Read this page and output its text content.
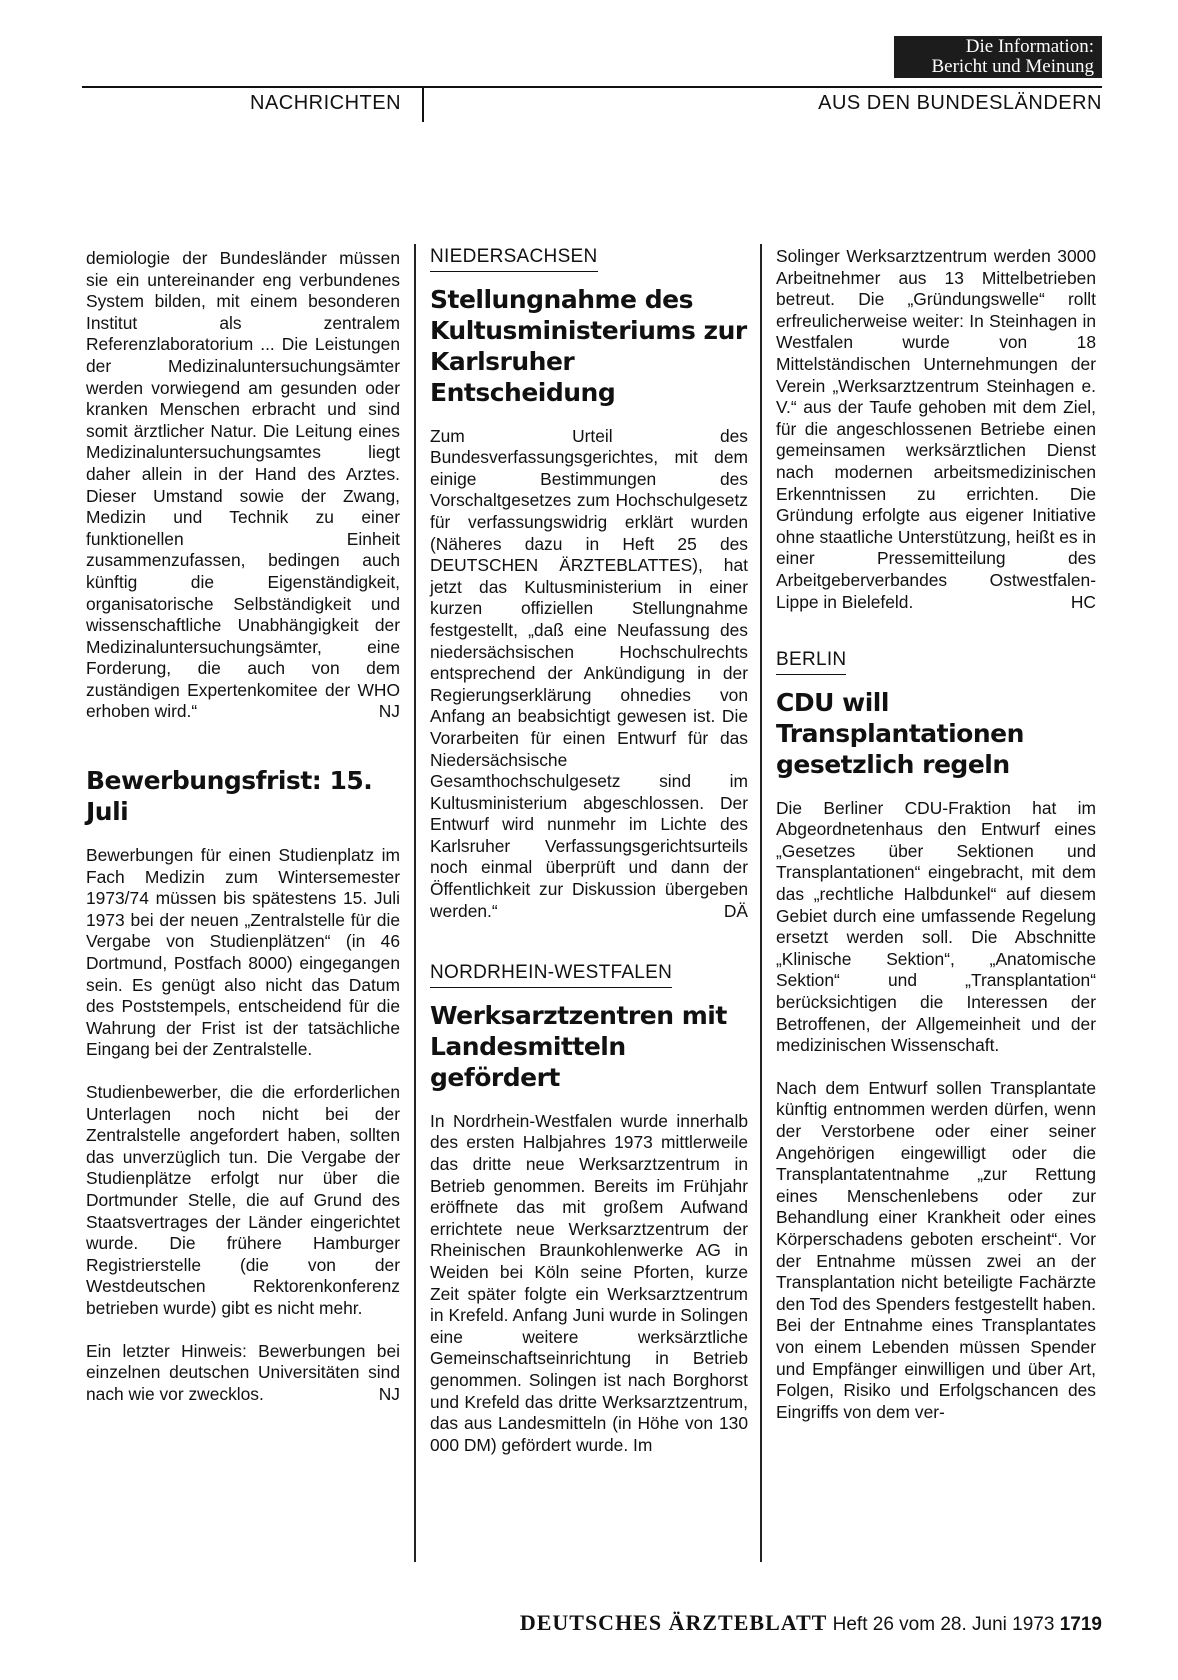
Die Information:
Bericht und Meinung
NACHRICHTEN	AUS DEN BUNDESLÄNDERN

demiologie der Bundesländer müssen sie ein untereinander eng verbundenes System bilden, mit einem besonderen Institut als zentralem Referenzlaboratorium ... Die Leistungen der Medizinaluntersuchungsämter werden vorwiegend am gesunden oder kranken Menschen erbracht und sind somit ärztlicher Natur. Die Leitung eines Medizinaluntersuchungsamtes liegt daher allein in der Hand des Arztes. Dieser Umstand sowie der Zwang, Medizin und Technik zu einer funktionellen Einheit zusammenzufassen, bedingen auch künftig die Eigenständigkeit, organisatorische Selbständigkeit und wissenschaftliche Unabhängigkeit der Medizinaluntersuchungsämter, eine Forderung, die auch von dem zuständigen Expertenkomitee der WHO erhoben wird.“	NJ

Bewerbungsfrist: 15. Juli

Bewerbungen für einen Studienplatz im Fach Medizin zum Wintersemester 1973/74 müssen bis spätestens 15. Juli 1973 bei der neuen „Zentralstelle für die Vergabe von Studienplätzen“ (in 46 Dortmund, Postfach 8000) eingegangen sein. Es genügt also nicht das Datum des Poststempels, entscheidend für die Wahrung der Frist ist der tatsächliche Eingang bei der Zentralstelle.

Studienbewerber, die die erforderlichen Unterlagen noch nicht bei der Zentralstelle angefordert haben, sollten das unverzüglich tun. Die Vergabe der Studienplätze erfolgt nur über die Dortmunder Stelle, die auf Grund des Staatsvertrages der Länder eingerichtet wurde. Die frühere Hamburger Registrierstelle (die von der Westdeutschen Rektorenkonferenz betrieben wurde) gibt es nicht mehr.

Ein letzter Hinweis: Bewerbungen bei einzelnen deutschen Universitäten sind nach wie vor zwecklos.	NJ

NIEDERSACHSEN
Stellungnahme des Kultusministeriums zur Karlsruher Entscheidung

Zum Urteil des Bundesverfassungsgerichtes, mit dem einige Bestimmungen des Vorschaltgesetzes zum Hochschulgesetz für verfassungswidrig erklärt wurden (Näheres dazu in Heft 25 des DEUTSCHEN ÄRZTEBLATTES), hat jetzt das Kultusministerium in einer kurzen offiziellen Stellungnahme festgestellt, „daß eine Neufassung des niedersächsischen Hochschulrechts entsprechend der Ankündigung in der Regierungserklärung ohnedies von Anfang an beabsichtigt gewesen ist. Die Vorarbeiten für einen Entwurf für das Niedersächsische Gesamthochschulgesetz sind im Kultusministerium abgeschlossen. Der Entwurf wird nunmehr im Lichte des Karlsruher Verfassungsgerichtsurteils noch einmal überprüft und dann der Öffentlichkeit zur Diskussion übergeben werden.“	DÄ

NORDRHEIN-WESTFALEN
Werksarztzentren mit Landesmitteln gefördert

In Nordrhein-Westfalen wurde innerhalb des ersten Halbjahres 1973 mittlerweile das dritte neue Werksarztzentrum in Betrieb genommen. Bereits im Frühjahr eröffnete das mit großem Aufwand errichtete neue Werksarztzentrum der Rheinischen Braunkohlenwerke AG in Weiden bei Köln seine Pforten, kurze Zeit später folgte ein Werksarztzentrum in Krefeld. Anfang Juni wurde in Solingen eine weitere werksärztliche Gemeinschaftseinrichtung in Betrieb genommen. Solingen ist nach Borghorst und Krefeld das dritte Werksarztzentrum, das aus Landesmitteln (in Höhe von 130 000 DM) gefördert wurde. Im

Solinger Werksarztzentrum werden 3000 Arbeitnehmer aus 13 Mittelbetrieben betreut. Die „Gründungswelle“ rollt erfreulicherweise weiter: In Steinhagen in Westfalen wurde von 18 Mittelständischen Unternehmungen der Verein „Werksarztzentrum Steinhagen e. V.“ aus der Taufe gehoben mit dem Ziel, für die angeschlossenen Betriebe einen gemeinsamen werksärztlichen Dienst nach modernen arbeitsmedizinischen Erkenntnissen zu errichten. Die Gründung erfolgte aus eigener Initiative ohne staatliche Unterstützung, heißt es in einer Pressemitteilung des Arbeitgeberverbandes Ostwestfalen-Lippe in Bielefeld.	HC

BERLIN
CDU will Transplantationen gesetzlich regeln

Die Berliner CDU-Fraktion hat im Abgeordnetenhaus den Entwurf eines „Gesetzes über Sektionen und Transplantationen“ eingebracht, mit dem das „rechtliche Halbdunkel“ auf diesem Gebiet durch eine umfassende Regelung ersetzt werden soll. Die Abschnitte „Klinische Sektion“, „Anatomische Sektion“ und „Transplantation“ berücksichtigen die Interessen der Betroffenen, der Allgemeinheit und der medizinischen Wissenschaft.

Nach dem Entwurf sollen Transplantate künftig entnommen werden dürfen, wenn der Verstorbene oder einer seiner Angehörigen eingewilligt oder die Transplantatentnahme „zur Rettung eines Menschenlebens oder zur Behandlung einer Krankheit oder eines Körperschadens geboten erscheint“. Vor der Entnahme müssen zwei an der Transplantation nicht beteiligte Fachärzte den Tod des Spenders festgestellt haben. Bei der Entnahme eines Transplantates von einem Lebenden müssen Spender und Empfänger einwilligen und über Art, Folgen, Risiko und Erfolgschancen des Eingriffs von dem ver-

DEUTSCHES ÄRZTEBLATT Heft 26 vom 28. Juni 1973 1719
